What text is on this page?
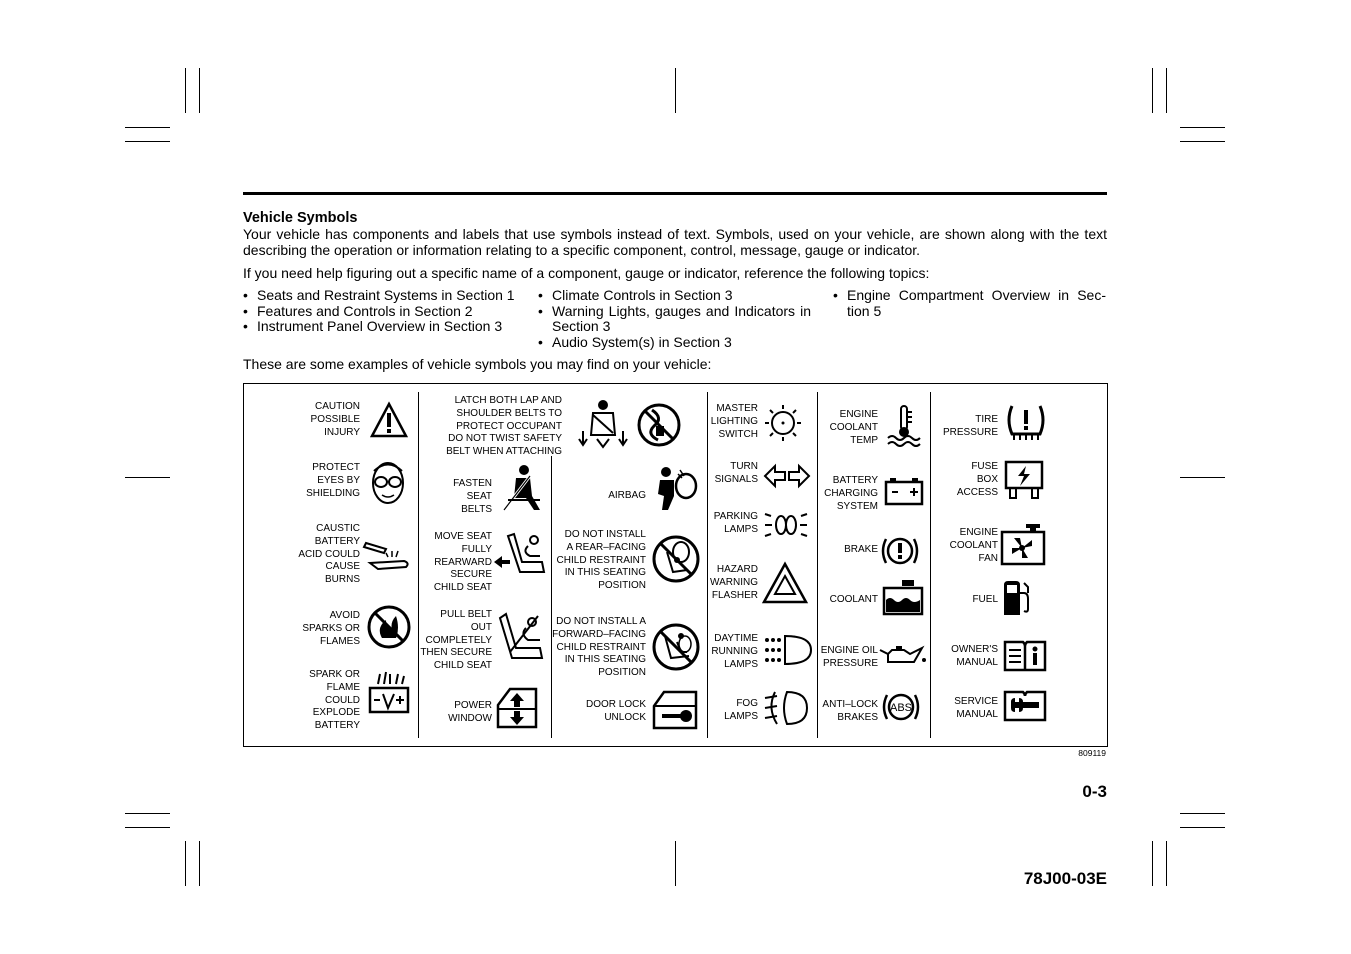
Vehicle Symbols
Your vehicle has components and labels that use symbols instead of text. Symbols, used on your vehicle, are shown along with the text describing the operation or information relating to a specific component, control, message, gauge or indicator.
If you need help figuring out a specific name of a component, gauge or indicator, reference the following topics:
• Seats and Restraint Systems in Section 1
• Features and Controls in Section 2
• Instrument Panel Overview in Section 3
• Climate Controls in Section 3
• Warning Lights, gauges and Indicators in Section 3
• Audio System(s) in Section 3
• Engine Compartment Overview in Sec-tion 5
These are some examples of vehicle symbols you may find on your vehicle:
CAUTION
POSSIBLE
INJURY
PROTECT
EYES BY
SHIELDING
CAUSTIC
BATTERY
ACID COULD
CAUSE
BURNS
AVOID
SPARKS OR
FLAMES
SPARK OR
FLAME
COULD
EXPLODE
BATTERY
LATCH BOTH LAP AND
SHOULDER BELTS TO
PROTECT OCCUPANT
DO NOT TWIST SAFETY
BELT WHEN ATTACHING
FASTEN
SEAT
BELTS
MOVE SEAT
FULLY
REARWARD
SECURE
CHILD SEAT
PULL BELT
OUT
COMPLETELY
THEN SECURE
CHILD SEAT
POWER
WINDOW
AIRBAG
DO NOT INSTALL
A REAR–FACING
CHILD RESTRAINT
IN THIS SEATING
POSITION
DO NOT INSTALL A
FORWARD–FACING
CHILD RESTRAINT
IN THIS SEATING
POSITION
DOOR LOCK
UNLOCK
MASTER
LIGHTING
SWITCH
TURN
SIGNALS
PARKING
LAMPS
HAZARD
WARNING
FLASHER
DAYTIME
RUNNING
LAMPS
FOG
LAMPS
ENGINE
COOLANT
TEMP
BATTERY
CHARGING
SYSTEM
BRAKE
COOLANT
ENGINE OIL
PRESSURE
ANTI–LOCK
BRAKES
ABS
TIRE
PRESSURE
FUSE
BOX
ACCESS
ENGINE
COOLANT
FAN
FUEL
OWNER'S
MANUAL
SERVICE
MANUAL
809119
0-3
78J00-03E
